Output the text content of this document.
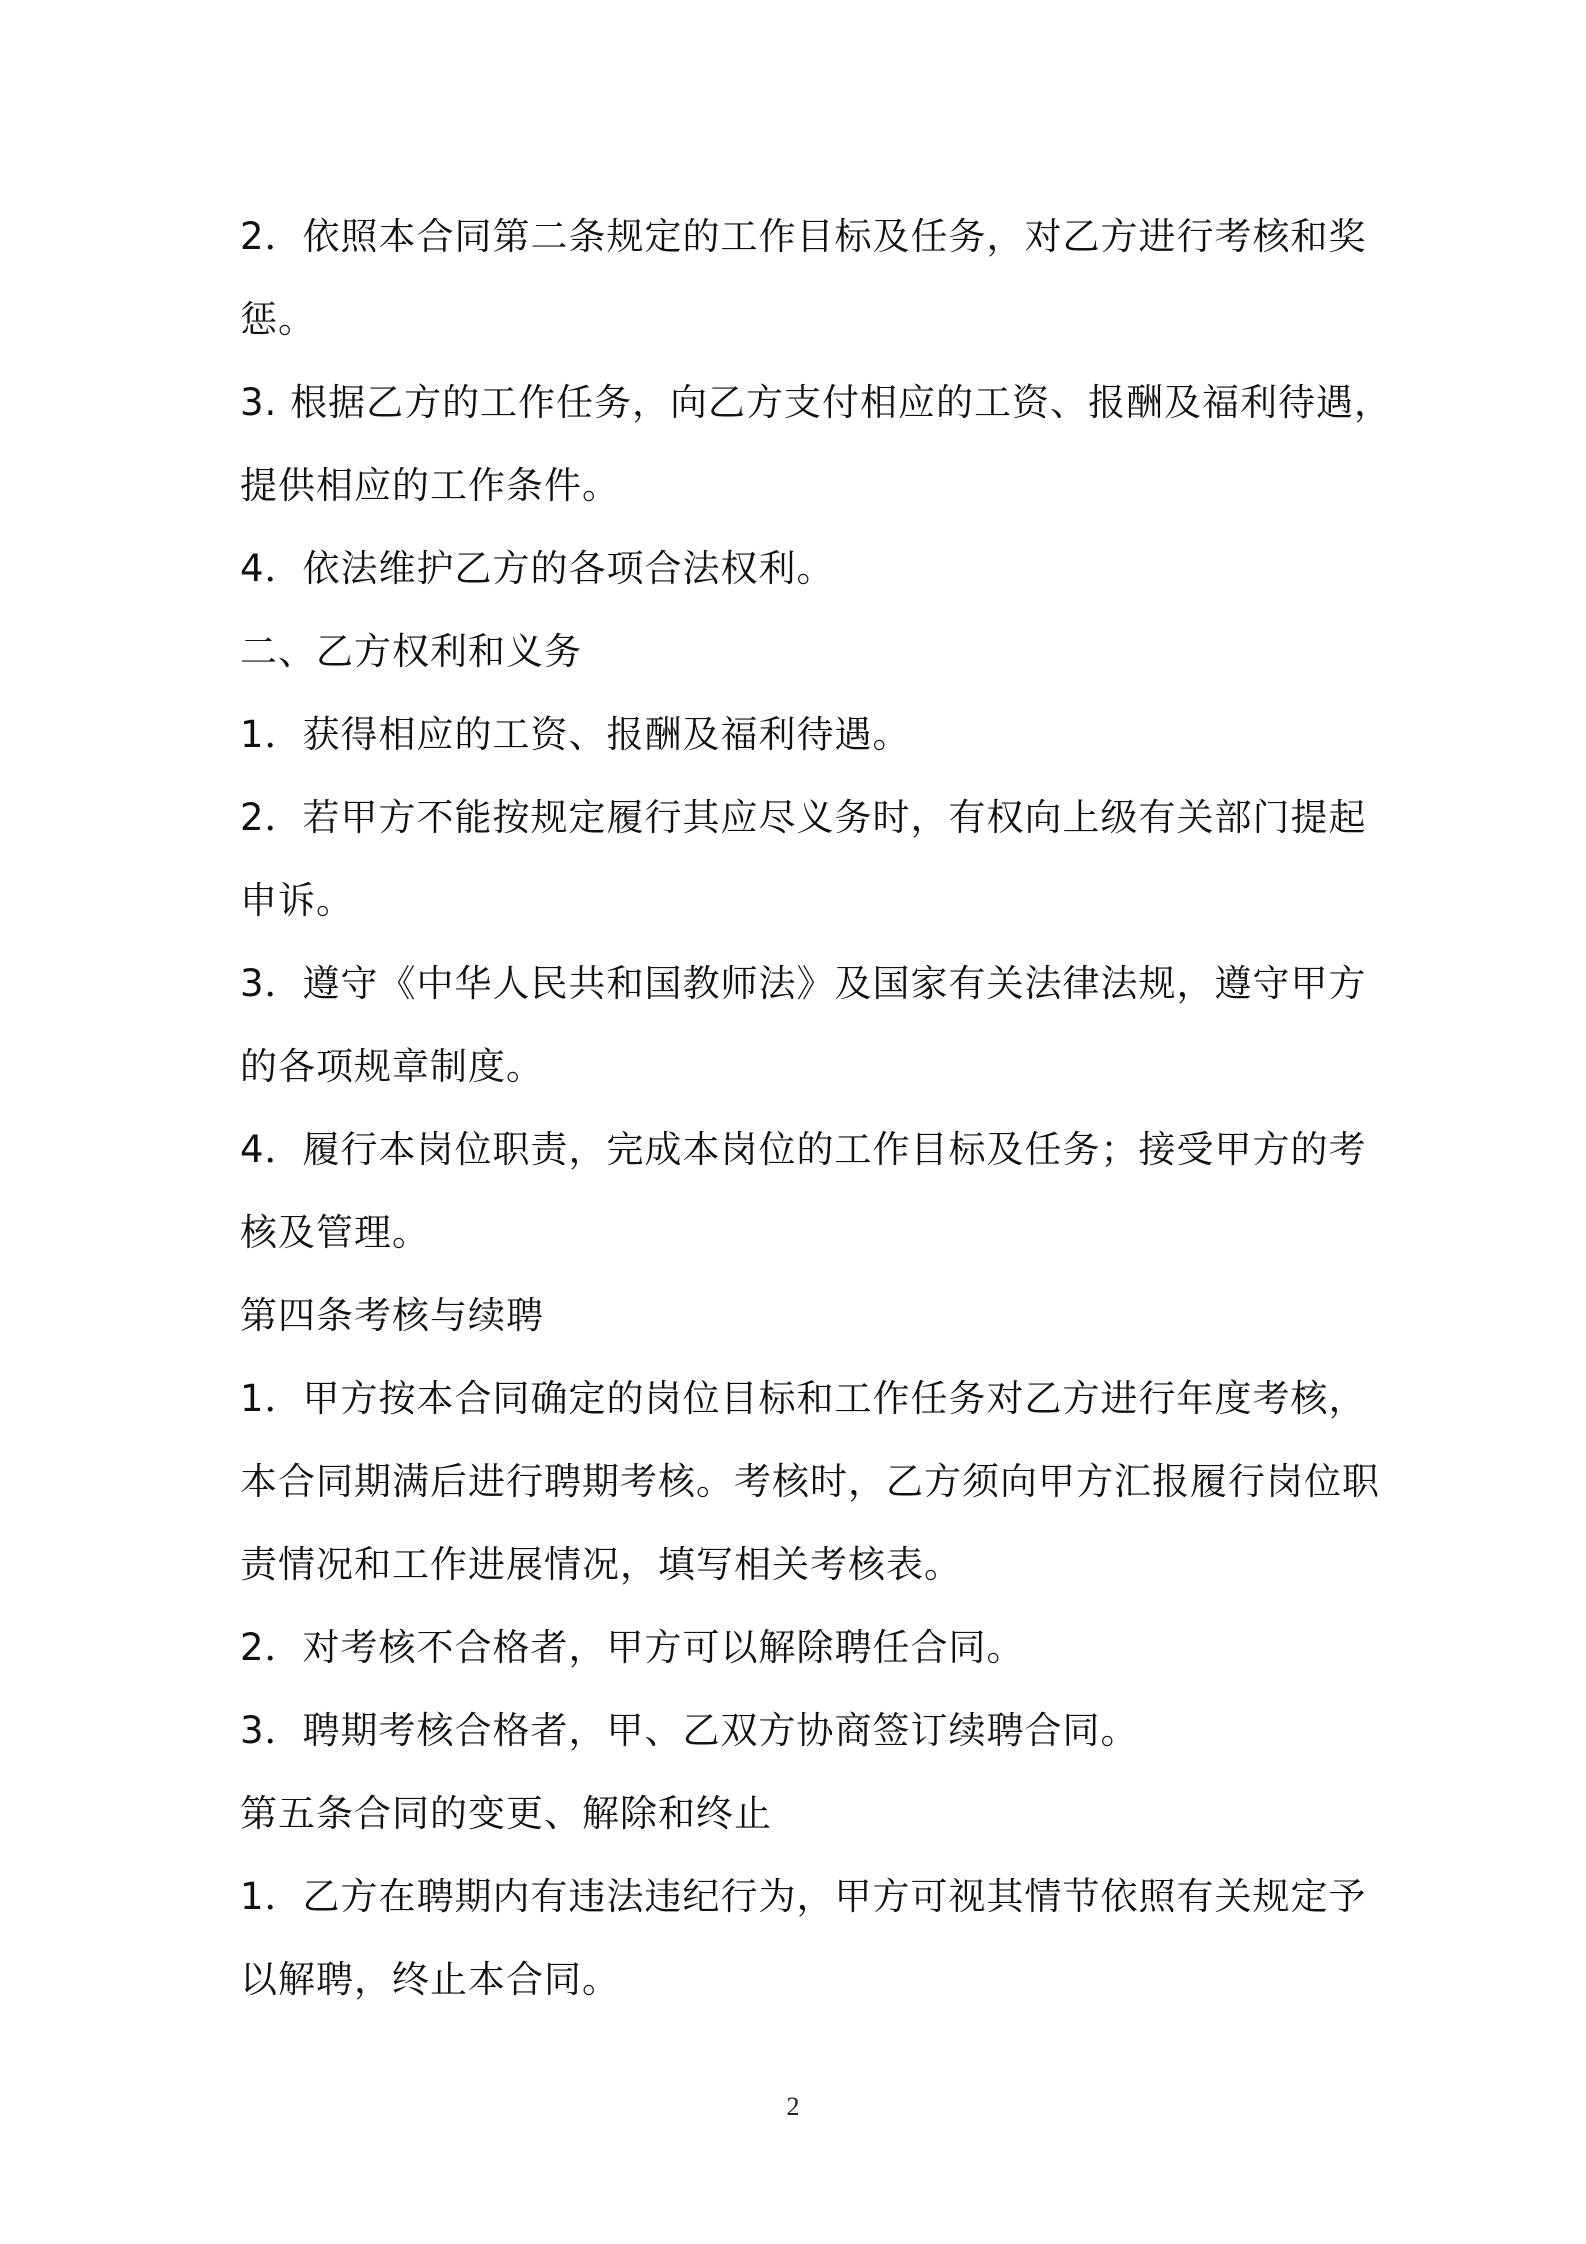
2．依照本合同第二条规定的工作目标及任务，对乙方进行考核和奖
惩。
3. 根据乙方的工作任务，向乙方支付相应的工资、报酬及福利待遇，
提供相应的工作条件。
4．依法维护乙方的各项合法权利。
二、乙方权利和义务
1．获得相应的工资、报酬及福利待遇。
2．若甲方不能按规定履行其应尽义务时，有权向上级有关部门提起
申诉。
3．遵守《中华人民共和国教师法》及国家有关法律法规，遵守甲方
的各项规章制度。
4．履行本岗位职责，完成本岗位的工作目标及任务；接受甲方的考
核及管理。
第四条考核与续聘
1．甲方按本合同确定的岗位目标和工作任务对乙方进行年度考核，
本合同期满后进行聘期考核。考核时，乙方须向甲方汇报履行岗位职
责情况和工作进展情况，填写相关考核表。
2．对考核不合格者，甲方可以解除聘任合同。
3．聘期考核合格者，甲、乙双方协商签订续聘合同。
第五条合同的变更、解除和终止
1．乙方在聘期内有违法违纪行为，甲方可视其情节依照有关规定予
以解聘，终止本合同。
2
